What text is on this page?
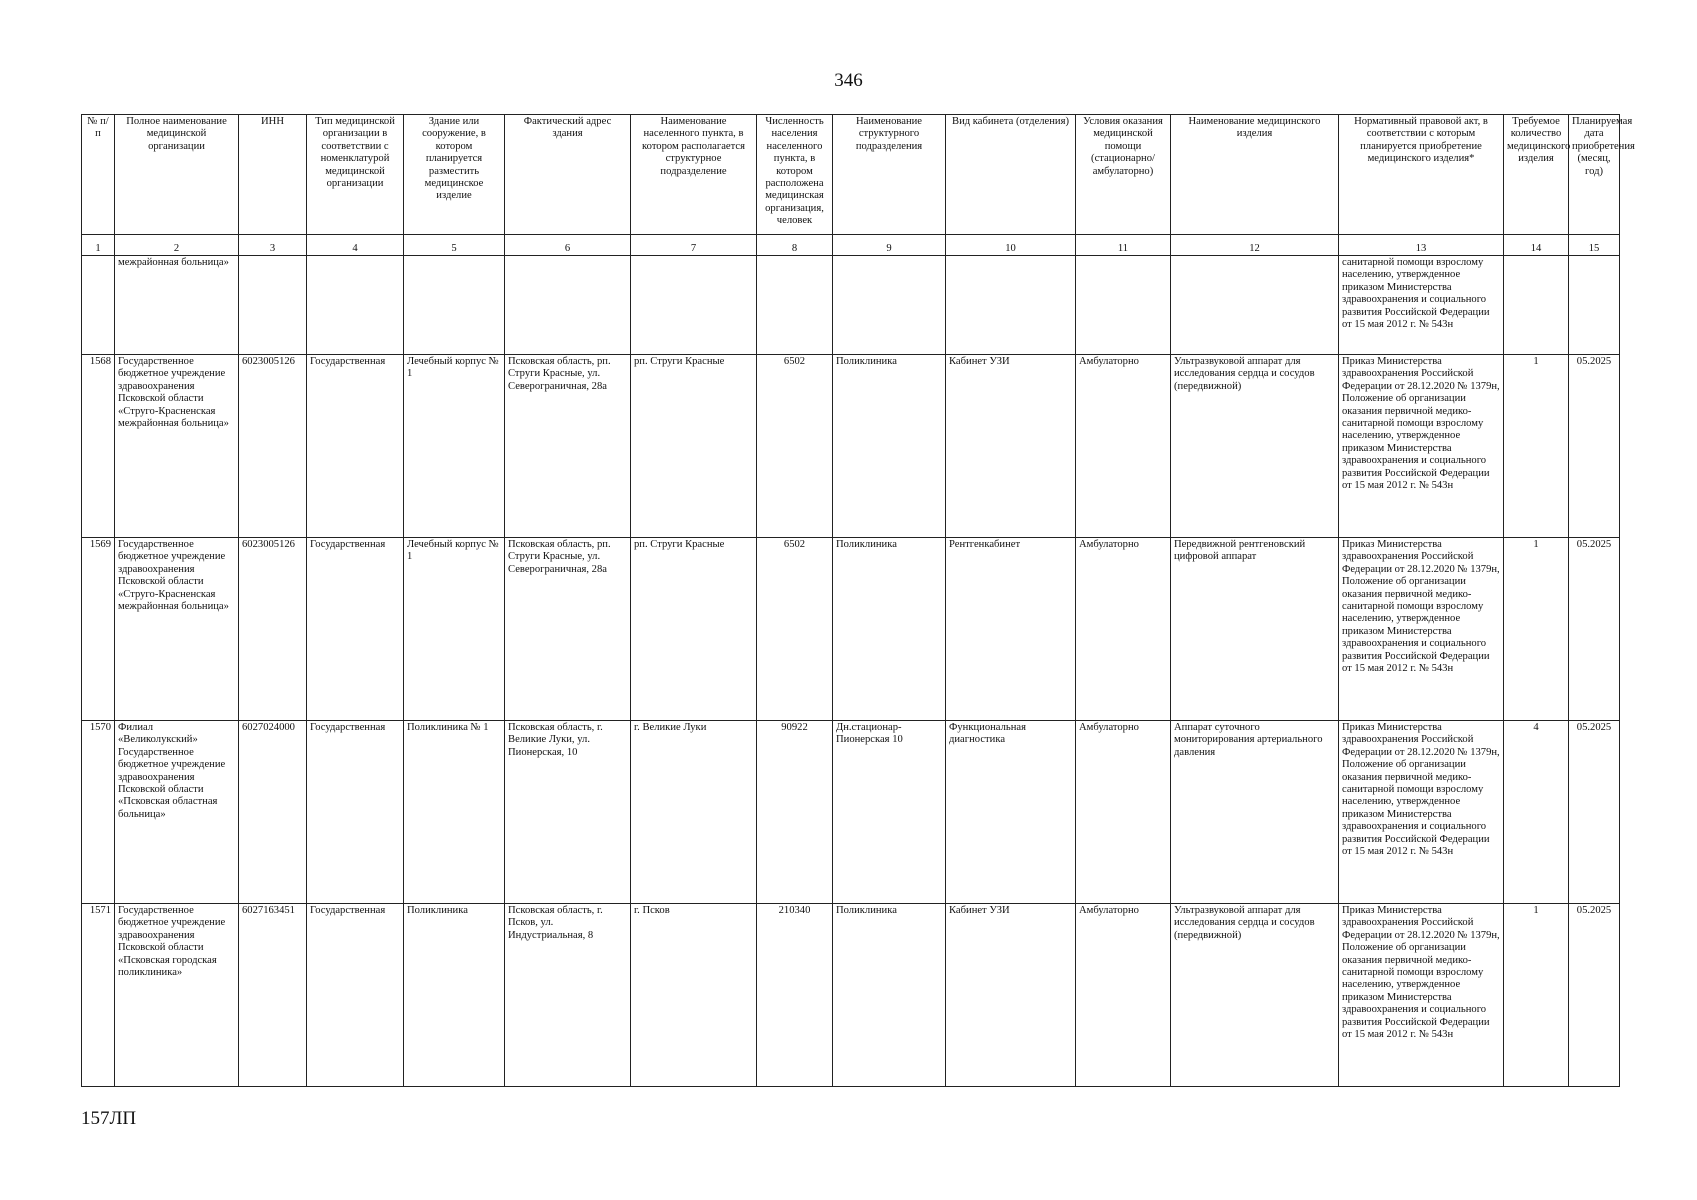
346
№ п/п	Полное наименование медицинской организации	ИНН	Тип медицинской организации в соответствии с номенклатурой медицинской организации	Здание или сооружение, в котором планируется разместить медицинское изделие	Фактический адрес здания	Наименование населенного пункта, в котором располагается структурное подразделение	Численность населения населенного пункта, в котором расположена медицинская организация, человек	Наименование структурного подразделения	Вид кабинета (отделения)	Условия оказания медицинской помощи (стационарно/ амбулаторно)	Наименование медицинского изделия	Нормативный правовой акт, в соответствии с которым планируется приобретение медицинского изделия*	Требуемое количество медицинского изделия	Планируемая дата приобретения (месяц, год)
1	2	3	4	5	6	7	8	9	10	11	12	13	14	15
	межрайонная больница»											санитарной помощи взрослому населению, утвержденное приказом Министерства здравоохранения и социального развития Российской Федерации от 15 мая 2012 г. № 543н		
1568	Государственное бюджетное учреждение здравоохранения Псковской области «Струго-Красненская межрайонная больница»	6023005126	Государственная	Лечебный корпус № 1	Псковская область, рп. Струги Красные, ул. Северограничная, 28а	рп. Струги Красные	6502	Поликлиника	Кабинет УЗИ	Амбулаторно	Ультразвуковой аппарат для исследования сердца и сосудов (передвижной)	Приказ Министерства здравоохранения Российской Федерации от 28.12.2020 № 1379н, Положение об организации оказания первичной медико-санитарной помощи взрослому населению, утвержденное приказом Министерства здравоохранения и социального развития Российской Федерации от 15 мая 2012 г. № 543н	1	05.2025
1569	Государственное бюджетное учреждение здравоохранения Псковской области «Струго-Красненская межрайонная больница»	6023005126	Государственная	Лечебный корпус № 1	Псковская область, рп. Струги Красные, ул. Северограничная, 28а	рп. Струги Красные	6502	Поликлиника	Рентгенкабинет	Амбулаторно	Передвижной рентгеновский цифровой аппарат	Приказ Министерства здравоохранения Российской Федерации от 28.12.2020 № 1379н, Положение об организации оказания первичной медико-санитарной помощи взрослому населению, утвержденное приказом Министерства здравоохранения и социального развития Российской Федерации от 15 мая 2012 г. № 543н	1	05.2025
1570	Филиал «Великолукский» Государственное бюджетное учреждение здравоохранения Псковской области «Псковская областная больница»	6027024000	Государственная	Поликлиника № 1	Псковская область, г. Великие Луки, ул. Пионерская, 10	г. Великие Луки	90922	Дн.стационар-Пионерская 10	Функциональная диагностика	Амбулаторно	Аппарат суточного мониторирования артериального давления	Приказ Министерства здравоохранения Российской Федерации от 28.12.2020 № 1379н, Положение об организации оказания первичной медико-санитарной помощи взрослому населению, утвержденное приказом Министерства здравоохранения и социального развития Российской Федерации от 15 мая 2012 г. № 543н	4	05.2025
1571	Государственное бюджетное учреждение здравоохранения Псковской области «Псковская городская поликлиника»	6027163451	Государственная	Поликлиника	Псковская область, г. Псков, ул. Индустриальная, 8	г. Псков	210340	Поликлиника	Кабинет УЗИ	Амбулаторно	Ультразвуковой аппарат для исследования сердца и сосудов (передвижной)	Приказ Министерства здравоохранения Российской Федерации от 28.12.2020 № 1379н, Положение об организации оказания первичной медико-санитарной помощи взрослому населению, утвержденное приказом Министерства здравоохранения и социального развития Российской Федерации от 15 мая 2012 г. № 543н	1	05.2025
157ЛП
